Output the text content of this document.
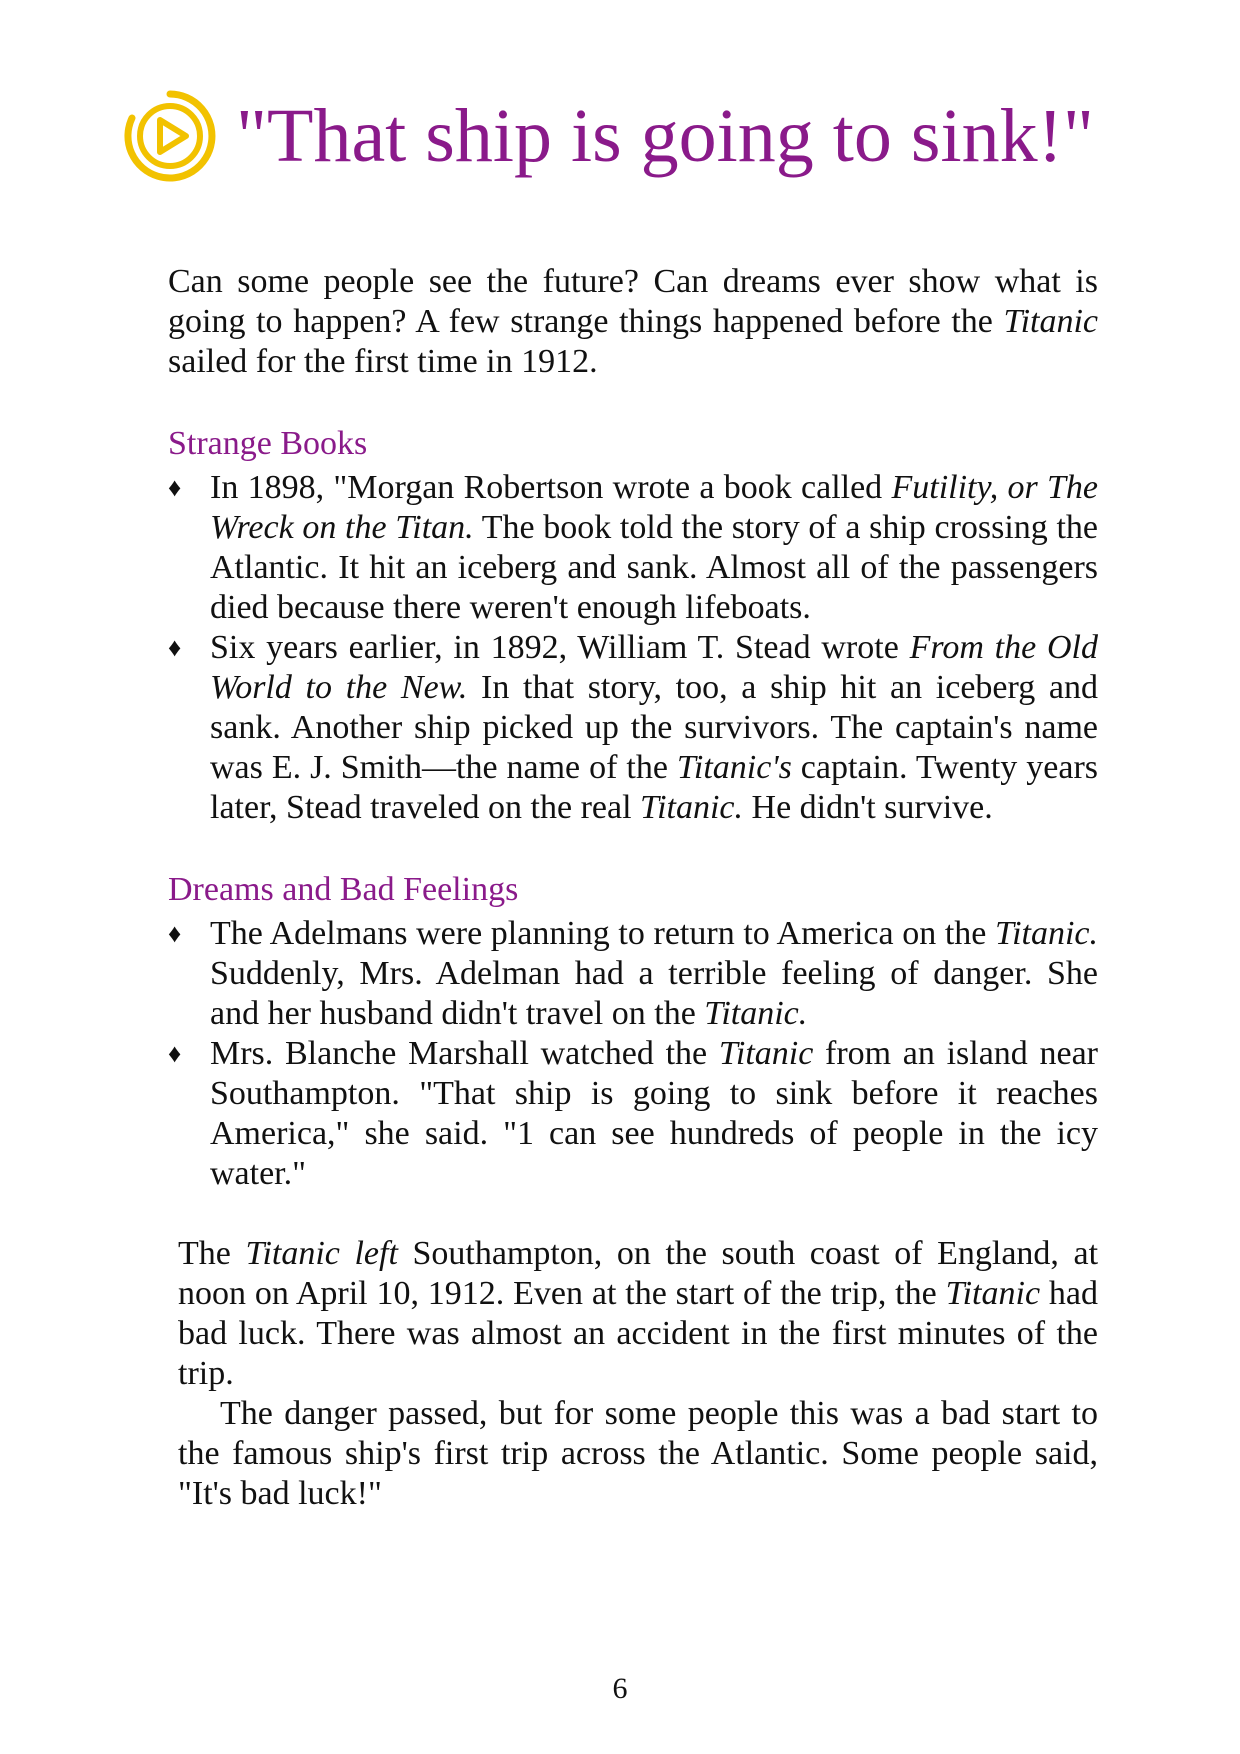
"That ship is going to sink!"

Can some people see the future? Can dreams ever show what is going to happen? A few strange things happened before the Titanic sailed for the first time in 1912.

Strange Books
♦ In 1898, "Morgan Robertson wrote a book called Futility, or The Wreck on the Titan. The book told the story of a ship crossing the Atlantic. It hit an iceberg and sank. Almost all of the passengers died because there weren't enough lifeboats.
♦ Six years earlier, in 1892, William T. Stead wrote From the Old World to the New. In that story, too, a ship hit an iceberg and sank. Another ship picked up the survivors. The captain's name was E. J. Smith—the name of the Titanic's captain. Twenty years later, Stead traveled on the real Titanic. He didn't survive.
Dreams and Bad Feelings
♦ The Adelmans were planning to return to America on the Titanic. Suddenly, Mrs. Adelman had a terrible feeling of danger. She and her husband didn't travel on the Titanic.
♦ Mrs. Blanche Marshall watched the Titanic from an island near Southampton. "That ship is going to sink before it reaches America," she said. "1 can see hundreds of people in the icy water."

The Titanic left Southampton, on the south coast of England, at noon on April 10, 1912. Even at the start of the trip, the Titanic had bad luck. There was almost an accident in the first minutes of the trip.

The danger passed, but for some people this was a bad start to the famous ship's first trip across the Atlantic. Some people said, "It's bad luck!"

6
